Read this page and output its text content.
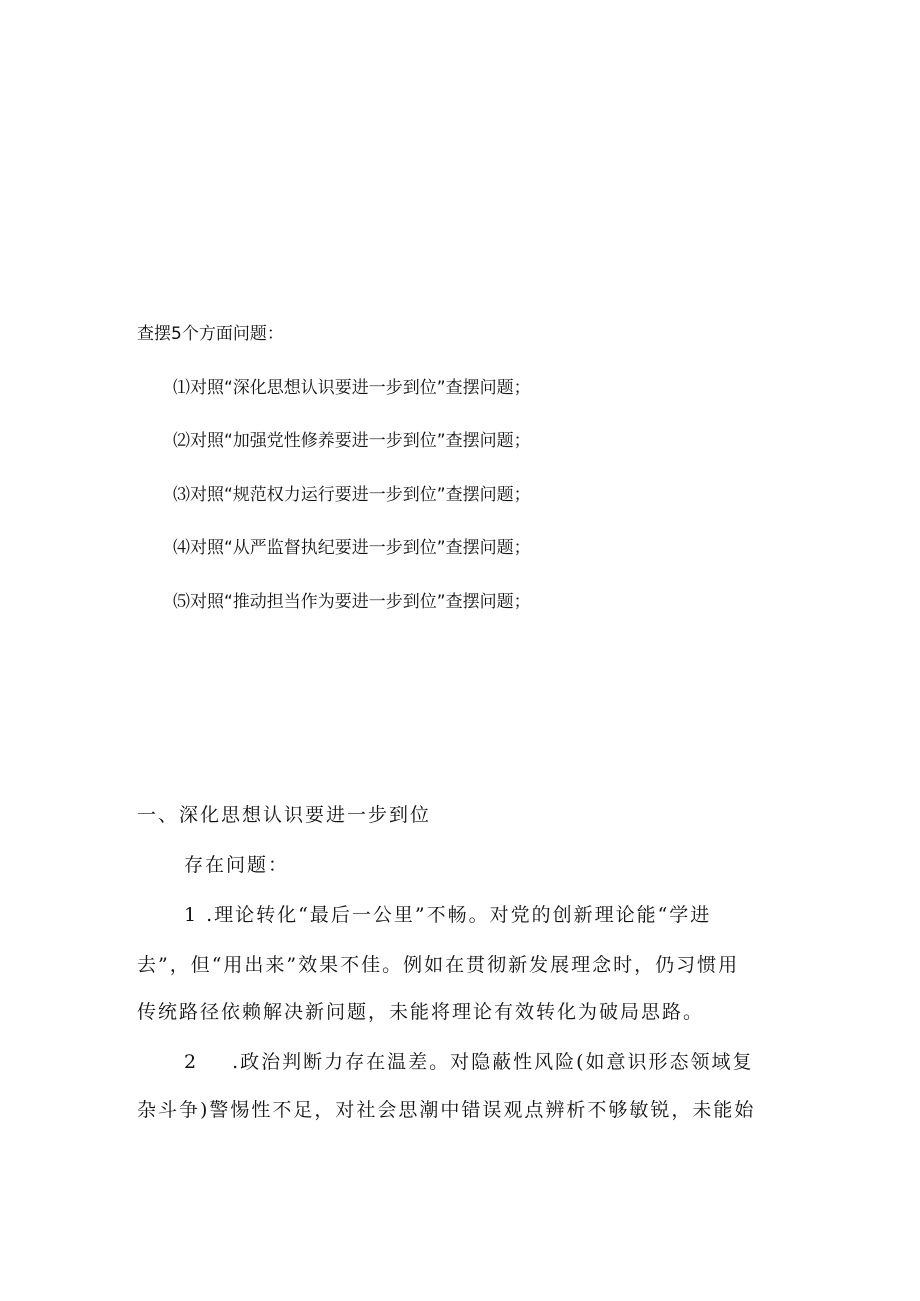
查摆5个方面问题：
⑴对照“深化思想认识要进一步到位”查摆问题；
⑵对照“加强党性修养要进一步到位”查摆问题；
⑶对照“规范权力运行要进一步到位”查摆问题；
⑷对照“从严监督执纪要进一步到位”查摆问题；
⑸对照“推动担当作为要进一步到位”查摆问题；
一、深化思想认识要进一步到位
存在问题：
1 .理论转化“最后一公里”不畅。对党的创新理论能“学进
去”，但“用出来”效果不佳。例如在贯彻新发展理念时，仍习惯用
传统路径依赖解决新问题，未能将理论有效转化为破局思路。
2 .政治判断力存在温差。对隐蔽性风险(如意识形态领域复
杂斗争)警惕性不足，对社会思潮中错误观点辨析不够敏锐，未能始
